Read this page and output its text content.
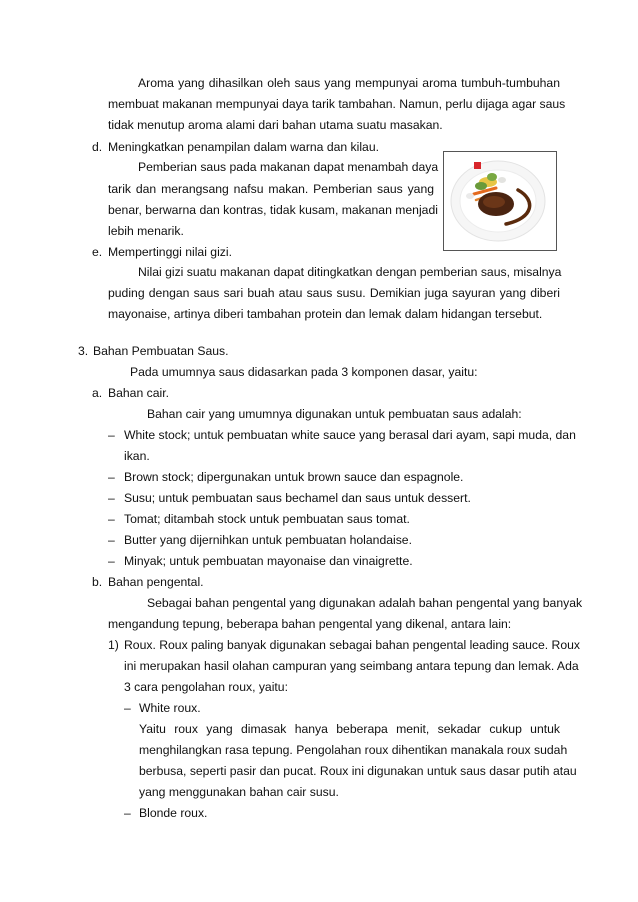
Aroma yang dihasilkan oleh saus yang mempunyai aroma tumbuh-tumbuhan
membuat makanan mempunyai daya tarik tambahan. Namun, perlu dijaga agar saus
tidak menutup aroma alami dari bahan utama suatu masakan.
d. Meningkatkan penampilan dalam warna dan kilau.
Pemberian saus pada makanan dapat menambah daya
tarik dan merangsang nafsu makan. Pemberian saus yang
benar, berwarna dan kontras, tidak kusam, makanan menjadi
lebih menarik.
e. Mempertinggi nilai gizi.
Nilai gizi suatu makanan dapat ditingkatkan dengan pemberian saus, misalnya
puding dengan saus sari buah atau saus susu. Demikian juga sayuran yang diberi
mayonaise, artinya diberi tambahan protein dan lemak dalam hidangan tersebut.
3. Bahan Pembuatan Saus.
Pada umumnya saus didasarkan pada 3 komponen dasar, yaitu:
a. Bahan cair.
Bahan cair yang umumnya digunakan untuk pembuatan saus adalah:
– White stock; untuk pembuatan white sauce yang berasal dari ayam, sapi muda, dan
ikan.
– Brown stock; dipergunakan untuk brown sauce dan espagnole.
– Susu; untuk pembuatan saus bechamel dan saus untuk dessert.
– Tomat; ditambah stock untuk pembuatan saus tomat.
– Butter yang dijernihkan untuk pembuatan holandaise.
– Minyak; untuk pembuatan mayonaise dan vinaigrette.
b. Bahan pengental.
Sebagai bahan pengental yang digunakan adalah bahan pengental yang banyak
mengandung tepung, beberapa bahan pengental yang dikenal, antara lain:
1) Roux. Roux paling banyak digunakan sebagai bahan pengental leading sauce. Roux
ini merupakan hasil olahan campuran yang seimbang antara tepung dan lemak. Ada
3 cara pengolahan roux, yaitu:
– White roux.
Yaitu roux yang dimasak hanya beberapa menit, sekadar cukup untuk
menghilangkan rasa tepung. Pengolahan roux dihentikan manakala roux sudah
berbusa, seperti pasir dan pucat. Roux ini digunakan untuk saus dasar putih atau
yang menggunakan bahan cair susu.
– Blonde roux.
